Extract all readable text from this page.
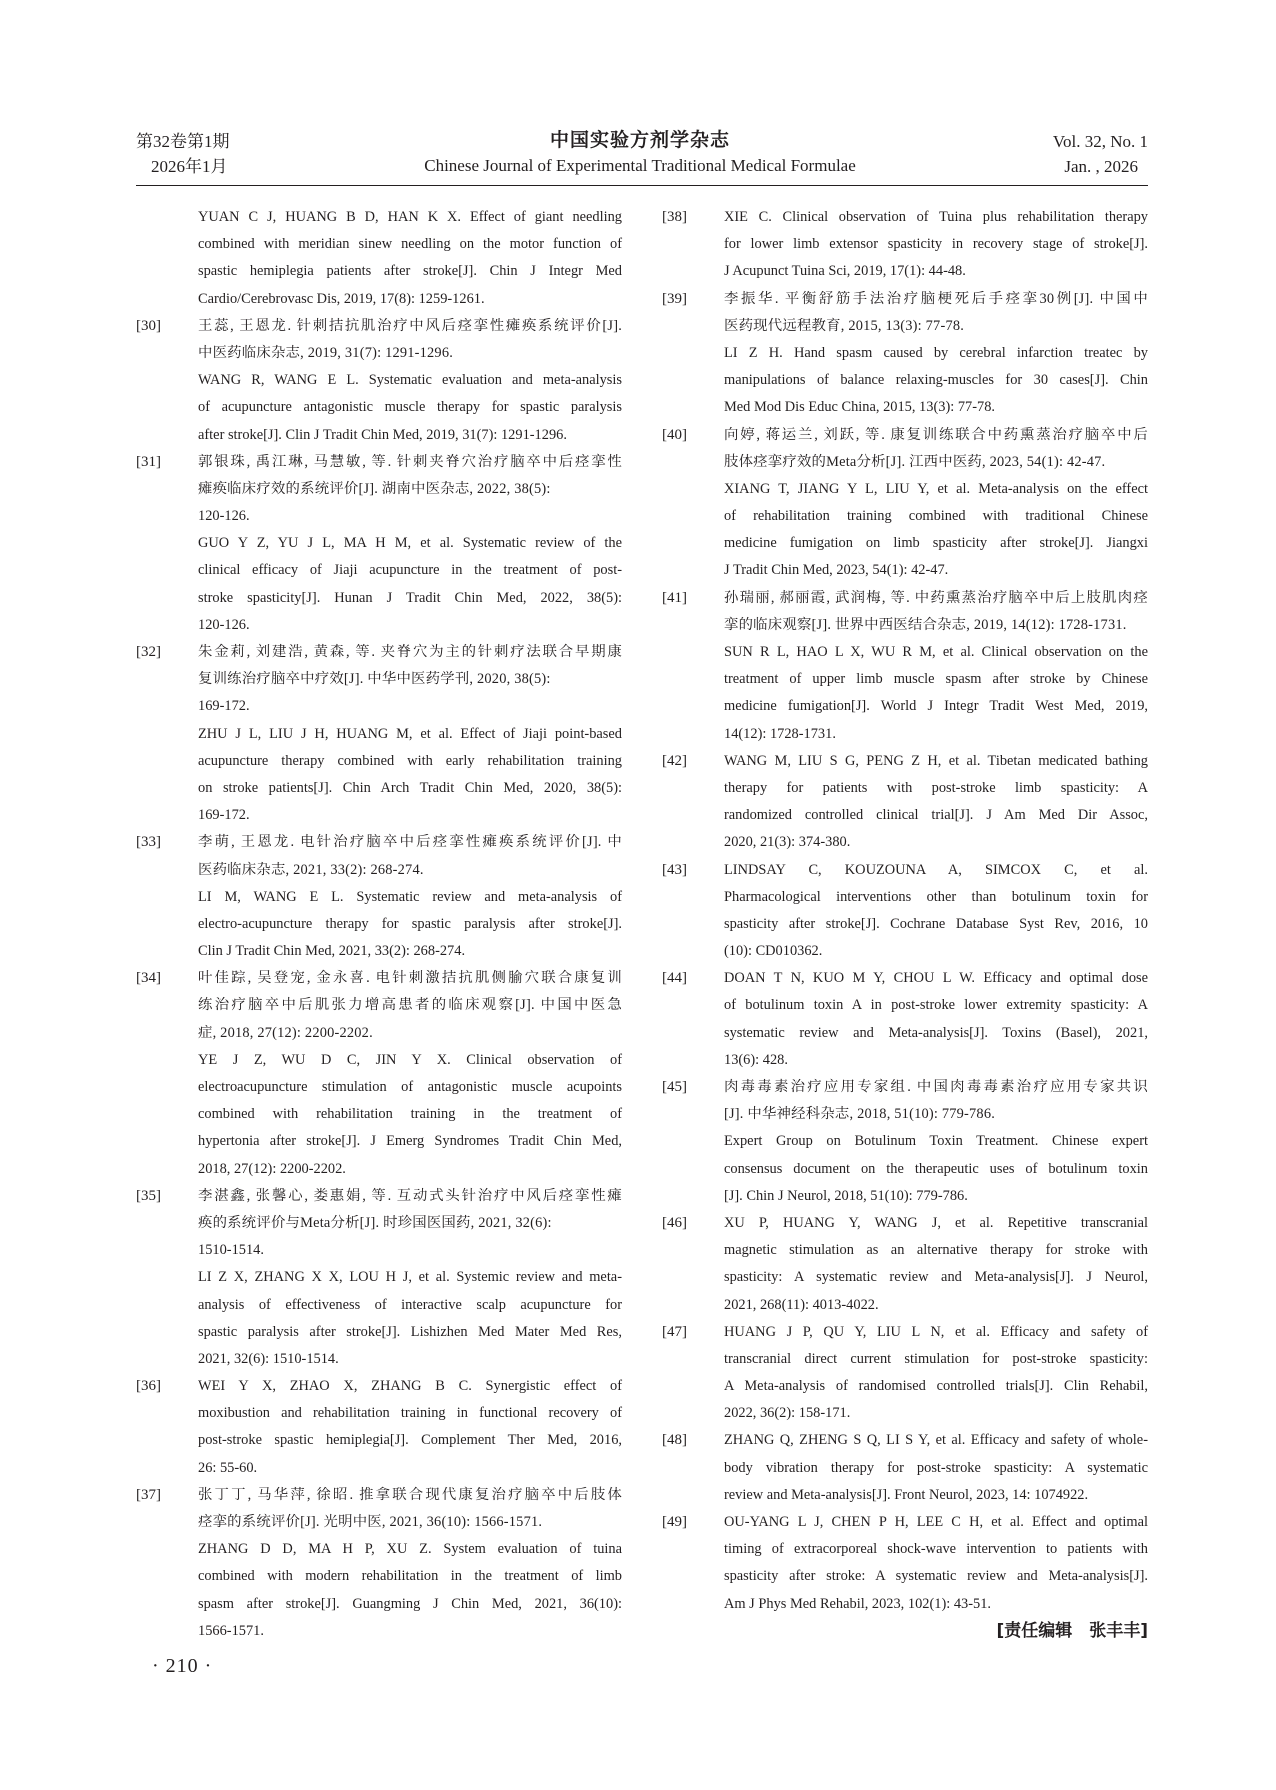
第32卷第1期
2026年1月
中国实验方剂学杂志
Chinese Journal of Experimental Traditional Medical Formulae
Vol. 32, No. 1
Jan. , 2026
YUAN C J, HUANG B D, HAN K X. Effect of giant needling
combined with meridian sinew needling on the motor function of
spastic hemiplegia patients after stroke[J]. Chin J Integr Med
Cardio/Cerebrovasc Dis, 2019, 17(8): 1259-1261.
[30]	王蕊, 王恩龙. 针刺拮抗肌治疗中风后痉挛性瘫痪系统评价[J].
中医药临床杂志, 2019, 31(7): 1291-1296.
WANG R, WANG E L. Systematic evaluation and meta-analysis
of acupuncture antagonistic muscle therapy for spastic paralysis
after stroke[J]. Clin J Tradit Chin Med, 2019, 31(7): 1291-1296.
[31]	郭银珠, 禹江琳, 马慧敏, 等. 针刺夹脊穴治疗脑卒中后痉挛性
瘫痪临床疗效的系统评价[J]. 湖南中医杂志, 2022, 38(5):
120-126.
GUO Y Z, YU J L, MA H M, et al. Systematic review of the
clinical efficacy of Jiaji acupuncture in the treatment of post-
stroke spasticity[J]. Hunan J Tradit Chin Med, 2022, 38(5):
120-126.
[32]	朱金莉, 刘建浩, 黄森, 等. 夹脊穴为主的针刺疗法联合早期康
复训练治疗脑卒中疗效[J]. 中华中医药学刊, 2020, 38(5):
169-172.
ZHU J L, LIU J H, HUANG M, et al. Effect of Jiaji point-based
acupuncture therapy combined with early rehabilitation training
on stroke patients[J]. Chin Arch Tradit Chin Med, 2020, 38(5):
169-172.
[33]	李萌, 王恩龙. 电针治疗脑卒中后痉挛性瘫痪系统评价[J]. 中
医药临床杂志, 2021, 33(2): 268-274.
LI M, WANG E L. Systematic review and meta-analysis of
electro-acupuncture therapy for spastic paralysis after stroke[J].
Clin J Tradit Chin Med, 2021, 33(2): 268-274.
[34]	叶佳踪, 吴登宠, 金永喜. 电针刺激拮抗肌侧腧穴联合康复训
练治疗脑卒中后肌张力增高患者的临床观察[J]. 中国中医急
症, 2018, 27(12): 2200-2202.
YE J Z, WU D C, JIN Y X. Clinical observation of
electroacupuncture stimulation of antagonistic muscle acupoints
combined with rehabilitation training in the treatment of
hypertonia after stroke[J]. J Emerg Syndromes Tradit Chin Med,
2018, 27(12): 2200-2202.
[35]	李湛鑫, 张馨心, 娄惠娟, 等. 互动式头针治疗中风后痉挛性瘫
痪的系统评价与Meta分析[J]. 时珍国医国药, 2021, 32(6):
1510-1514.
LI Z X, ZHANG X X, LOU H J, et al. Systemic review and meta-
analysis of effectiveness of interactive scalp acupuncture for
spastic paralysis after stroke[J]. Lishizhen Med Mater Med Res,
2021, 32(6): 1510-1514.
[36]	WEI Y X, ZHAO X, ZHANG B C. Synergistic effect of
moxibustion and rehabilitation training in functional recovery of
post-stroke spastic hemiplegia[J]. Complement Ther Med, 2016,
26: 55-60.
[37]	张丁丁, 马华萍, 徐昭. 推拿联合现代康复治疗脑卒中后肢体
痉挛的系统评价[J]. 光明中医, 2021, 36(10): 1566-1571.
ZHANG D D, MA H P, XU Z. System evaluation of tuina
combined with modern rehabilitation in the treatment of limb
spasm after stroke[J]. Guangming J Chin Med, 2021, 36(10):
1566-1571.
[38]	XIE C. Clinical observation of Tuina plus rehabilitation therapy
for lower limb extensor spasticity in recovery stage of stroke[J].
J Acupunct Tuina Sci, 2019, 17(1): 44-48.
[39]	李振华. 平衡舒筋手法治疗脑梗死后手痉挛30例[J]. 中国中
医药现代远程教育, 2015, 13(3): 77-78.
LI Z H. Hand spasm caused by cerebral infarction treatec by
manipulations of balance relaxing-muscles for 30 cases[J]. Chin
Med Mod Dis Educ China, 2015, 13(3): 77-78.
[40]	向婷, 蒋运兰, 刘跃, 等. 康复训练联合中药熏蒸治疗脑卒中后
肢体痉挛疗效的Meta分析[J]. 江西中医药, 2023, 54(1): 42-47.
XIANG T, JIANG Y L, LIU Y, et al. Meta-analysis on the effect
of rehabilitation training combined with traditional Chinese
medicine fumigation on limb spasticity after stroke[J]. Jiangxi
J Tradit Chin Med, 2023, 54(1): 42-47.
[41]	孙瑞丽, 郝丽霞, 武润梅, 等. 中药熏蒸治疗脑卒中后上肢肌肉痉
挛的临床观察[J]. 世界中西医结合杂志, 2019, 14(12): 1728-1731.
SUN R L, HAO L X, WU R M, et al. Clinical observation on the
treatment of upper limb muscle spasm after stroke by Chinese
medicine fumigation[J]. World J Integr Tradit West Med, 2019,
14(12): 1728-1731.
[42]	WANG M, LIU S G, PENG Z H, et al. Tibetan medicated bathing
therapy for patients with post-stroke limb spasticity: A
randomized controlled clinical trial[J]. J Am Med Dir Assoc,
2020, 21(3): 374-380.
[43]	LINDSAY C, KOUZOUNA A, SIMCOX C, et al.
Pharmacological interventions other than botulinum toxin for
spasticity after stroke[J]. Cochrane Database Syst Rev, 2016, 10
(10): CD010362.
[44]	DOAN T N, KUO M Y, CHOU L W. Efficacy and optimal dose
of botulinum toxin A in post-stroke lower extremity spasticity: A
systematic review and Meta-analysis[J]. Toxins (Basel), 2021,
13(6): 428.
[45]	肉毒毒素治疗应用专家组. 中国肉毒毒素治疗应用专家共识
[J]. 中华神经科杂志, 2018, 51(10): 779-786.
Expert Group on Botulinum Toxin Treatment. Chinese expert
consensus document on the therapeutic uses of botulinum toxin
[J]. Chin J Neurol, 2018, 51(10): 779-786.
[46]	XU P, HUANG Y, WANG J, et al. Repetitive transcranial
magnetic stimulation as an alternative therapy for stroke with
spasticity: A systematic review and Meta-analysis[J]. J Neurol,
2021, 268(11): 4013-4022.
[47]	HUANG J P, QU Y, LIU L N, et al. Efficacy and safety of
transcranial direct current stimulation for post-stroke spasticity:
A Meta-analysis of randomised controlled trials[J]. Clin Rehabil,
2022, 36(2): 158-171.
[48]	ZHANG Q, ZHENG S Q, LI S Y, et al. Efficacy and safety of whole-
body vibration therapy for post-stroke spasticity: A systematic
review and Meta-analysis[J]. Front Neurol, 2023, 14: 1074922.
[49]	OU-YANG L J, CHEN P H, LEE C H, et al. Effect and optimal
timing of extracorporeal shock-wave intervention to patients with
spasticity after stroke: A systematic review and Meta-analysis[J].
Am J Phys Med Rehabil, 2023, 102(1): 43-51.
[责任编辑　张丰丰]
· 210 ·
